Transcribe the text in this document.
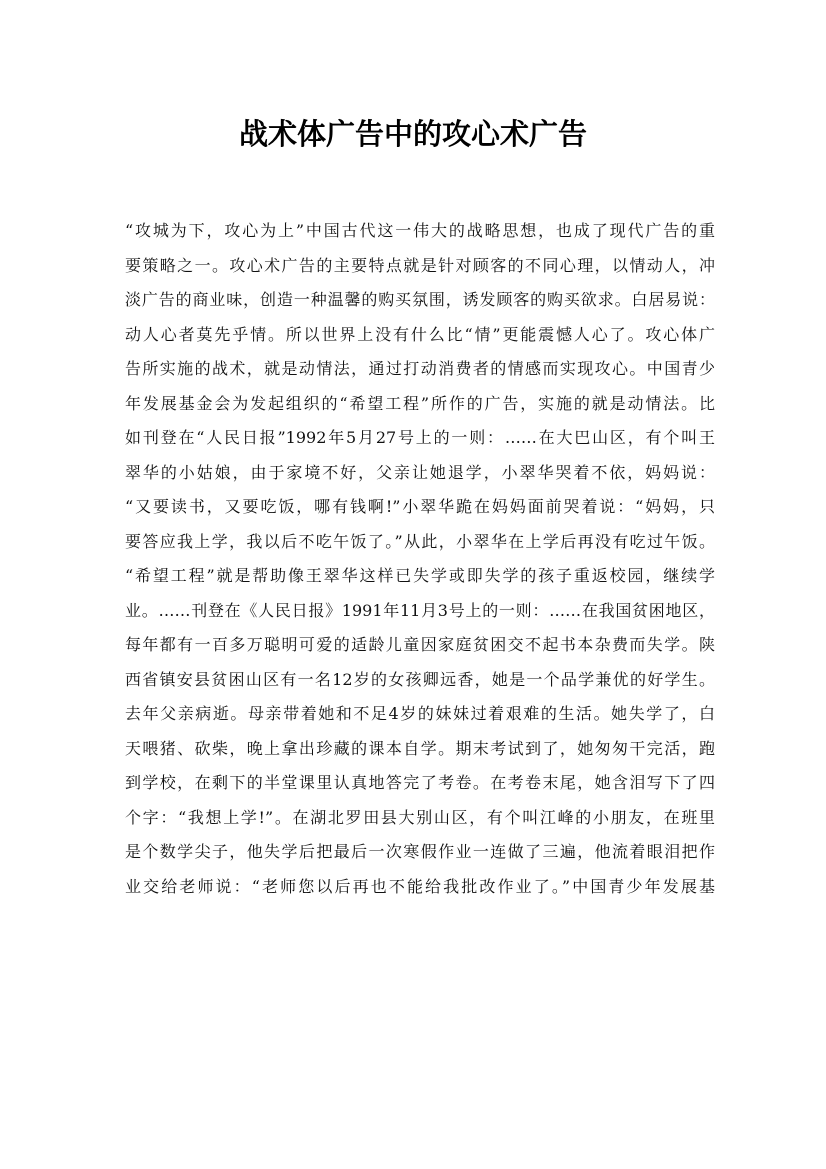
战术体广告中的攻心术广告
“攻城为下，攻心为上”中国古代这一伟大的战略思想，也成了现代广告的重
要策略之一。攻心术广告的主要特点就是针对顾客的不同心理，以情动人，冲
淡广告的商业味，创造一种温馨的购买氛围，诱发顾客的购买欲求。白居易说：
动人心者莫先乎情。所以世界上没有什么比“情”更能震憾人心了。攻心体广
告所实施的战术，就是动情法，通过打动消费者的情感而实现攻心。中国青少
年发展基金会为发起组织的“希望工程”所作的广告，实施的就是动情法。比
如刊登在“人民日报”1992年5月27号上的一则：……在大巴山区，有个叫王
翠华的小姑娘，由于家境不好，父亲让她退学，小翠华哭着不依，妈妈说：
“又要读书，又要吃饭，哪有钱啊!”小翠华跪在妈妈面前哭着说：“妈妈，只
要答应我上学，我以后不吃午饭了。”从此，小翠华在上学后再没有吃过午饭。
“希望工程”就是帮助像王翠华这样已失学或即失学的孩子重返校园，继续学
业。……刊登在《人民日报》1991年11月3号上的一则：……在我国贫困地区，
每年都有一百多万聪明可爱的适龄儿童因家庭贫困交不起书本杂费而失学。陕
西省镇安县贫困山区有一名12岁的女孩卿远香，她是一个品学兼优的好学生。
去年父亲病逝。母亲带着她和不足4岁的妹妹过着艰难的生活。她失学了，白
天喂猪、砍柴，晚上拿出珍藏的课本自学。期末考试到了，她匆匆干完活，跑
到学校，在剩下的半堂课里认真地答完了考卷。在考卷末尾，她含泪写下了四
个字：“我想上学!”。在湖北罗田县大别山区，有个叫江峰的小朋友，在班里
是个数学尖子，他失学后把最后一次寒假作业一连做了三遍，他流着眼泪把作
业交给老师说：“老师您以后再也不能给我批改作业了。”中国青少年发展基
